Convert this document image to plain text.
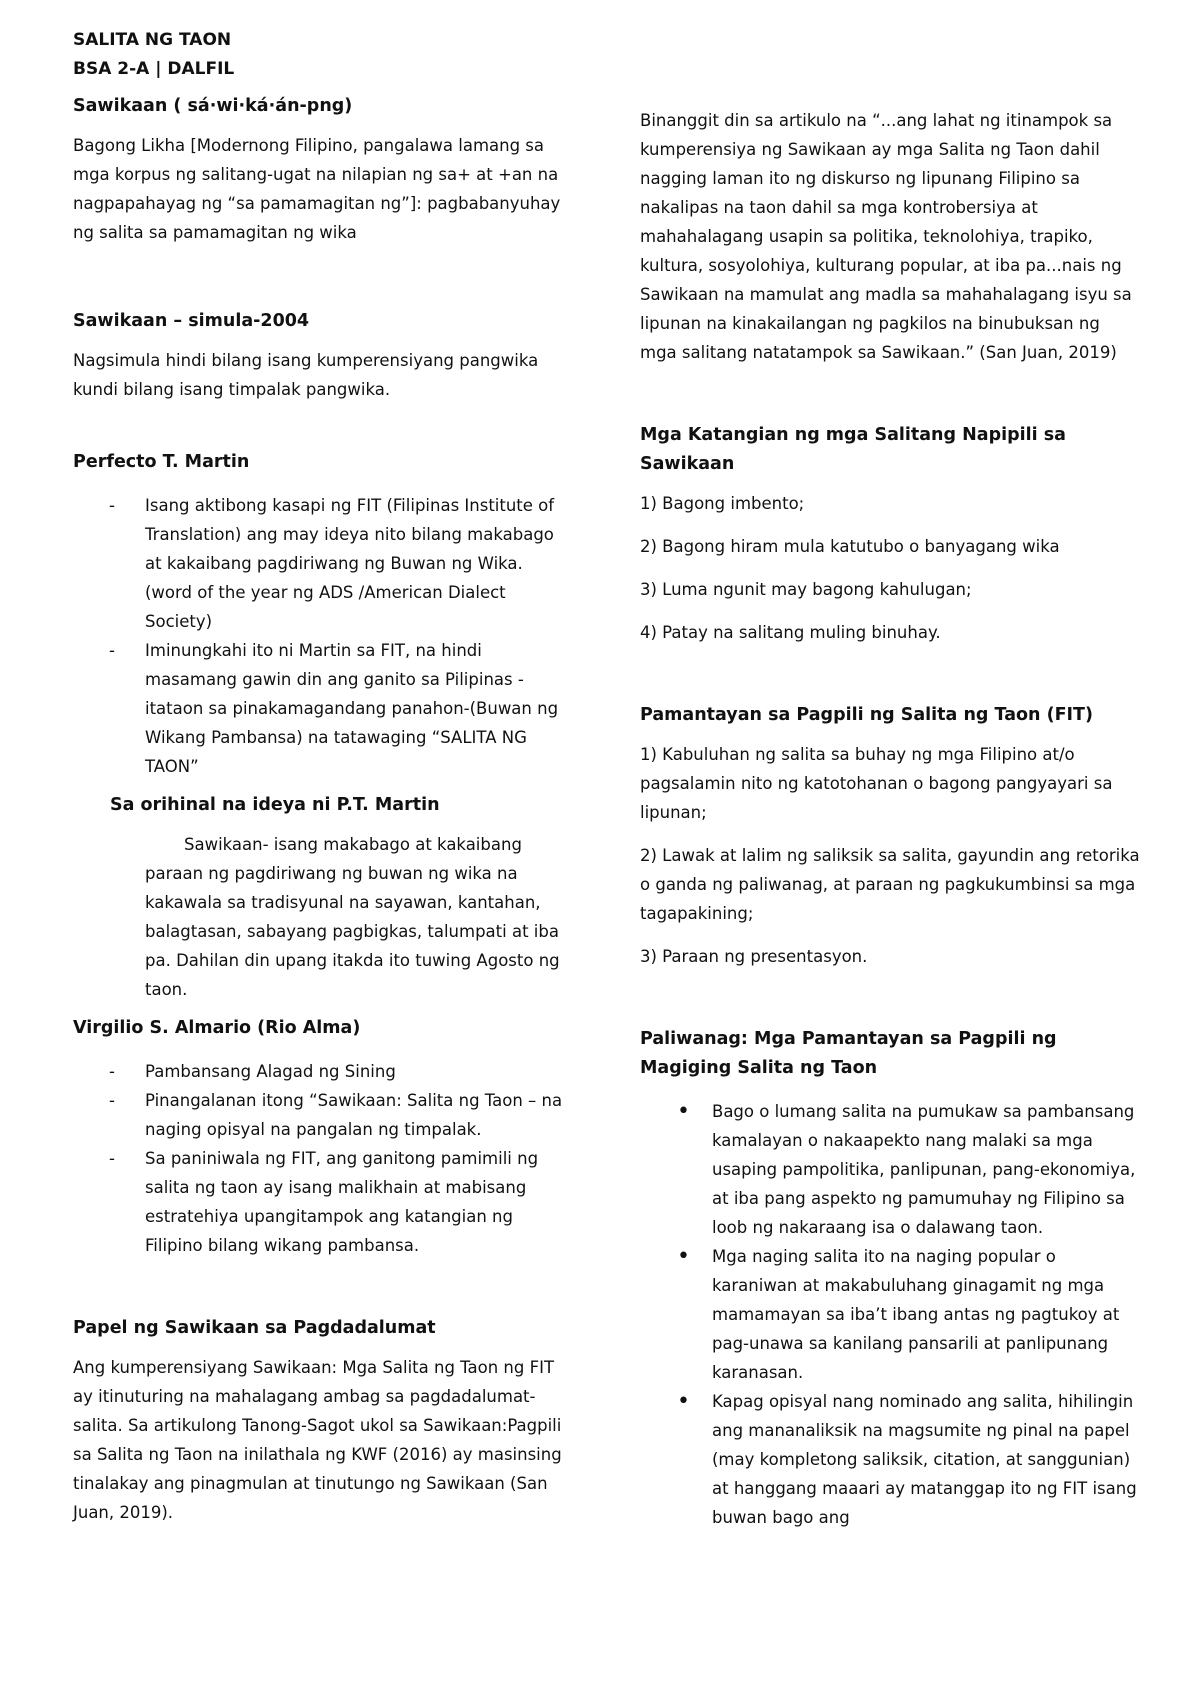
SALITA NG TAON
BSA 2-A | DALFIL
Sawikaan ( sá·wi·ká·án-png)

Bagong Likha [Modernong Filipino, pangalawa lamang sa mga korpus ng salitang-ugat na nilapian ng sa+ at +an na nagpapahayag ng “sa pamamagitan ng”]: pagbabanyuhay ng salita sa pamamagitan ng wika

Sawikaan – simula-2004

Nagsimula hindi bilang isang kumperensiyang pangwika kundi bilang isang timpalak pangwika.

Perfecto T. Martin
- Isang aktibong kasapi ng FIT (Filipinas Institute of Translation) ang may ideya nito bilang makabago at kakaibang pagdiriwang ng Buwan ng Wika. (word of the year ng ADS /American Dialect Society)
- Iminungkahi ito ni Martin sa FIT, na hindi masamang gawin din ang ganito sa Pilipinas - itataon sa pinakamagandang panahon-(Buwan ng Wikang Pambansa) na tatawaging “SALITA NG TAON”
Sa orihinal na ideya ni P.T. Martin

Sawikaan- isang makabago at kakaibang paraan ng pagdiriwang ng buwan ng wika na kakawala sa tradisyunal na sayawan, kantahan, balagtasan, sabayang pagbigkas, talumpati at iba pa. Dahilan din upang itakda ito tuwing Agosto ng taon.

Virgilio S. Almario (Rio Alma)
- Pambansang Alagad ng Sining
- Pinangalanan itong “Sawikaan: Salita ng Taon – na naging opisyal na pangalan ng timpalak.
- Sa paniniwala ng FIT, ang ganitong pamimili ng salita ng taon ay isang malikhain at mabisang estratehiya upangitampok ang katangian ng Filipino bilang wikang pambansa.
Papel ng Sawikaan sa Pagdadalumat

Ang kumperensiyang Sawikaan: Mga Salita ng Taon ng FIT ay itinuturing na mahalagang ambag sa pagdadalumat-salita. Sa artikulong Tanong-Sagot ukol sa Sawikaan:Pagpili sa Salita ng Taon na inilathala ng KWF (2016) ay masinsing tinalakay ang pinagmulan at tinutungo ng Sawikaan (San Juan, 2019).

Binanggit din sa artikulo na “...ang lahat ng itinampok sa kumperensiya ng Sawikaan ay mga Salita ng Taon dahil nagging laman ito ng diskurso ng lipunang Filipino sa nakalipas na taon dahil sa mga kontrobersiya at mahahalagang usapin sa politika, teknolohiya, trapiko, kultura, sosyolohiya, kulturang popular, at iba pa...nais ng Sawikaan na mamulat ang madla sa mahahalagang isyu sa lipunan na kinakailangan ng pagkilos na binubuksan ng mga salitang natatampok sa Sawikaan.” (San Juan, 2019)

Mga Katangian ng mga Salitang Napipili sa Sawikaan

1) Bagong imbento;

2) Bagong hiram mula katutubo o banyagang wika

3) Luma ngunit may bagong kahulugan;

4) Patay na salitang muling binuhay.

Pamantayan sa Pagpili ng Salita ng Taon (FIT)

1) Kabuluhan ng salita sa buhay ng mga Filipino at/o pagsalamin nito ng katotohanan o bagong pangyayari sa lipunan;

2) Lawak at lalim ng saliksik sa salita, gayundin ang retorika o ganda ng paliwanag, at paraan ng pagkukumbinsi sa mga tagapakining;

3) Paraan ng presentasyon.

Paliwanag: Mga Pamantayan sa Pagpili ng Magiging Salita ng Taon
• Bago o lumang salita na pumukaw sa pambansang kamalayan o nakaapekto nang malaki sa mga usaping pampolitika, panlipunan, pang-ekonomiya, at iba pang aspekto ng pamumuhay ng Filipino sa loob ng nakaraang isa o dalawang taon.
• Mga naging salita ito na naging popular o karaniwan at makabuluhang ginagamit ng mga mamamayan sa iba’t ibang antas ng pagtukoy at pag-unawa sa kanilang pansarili at panlipunang karanasan.
• Kapag opisyal nang nominado ang salita, hihilingin ang mananaliksik na magsumite ng pinal na papel (may kompletong saliksik, citation, at sanggunian) at hanggang maaari ay matanggap ito ng FIT isang buwan bago ang
